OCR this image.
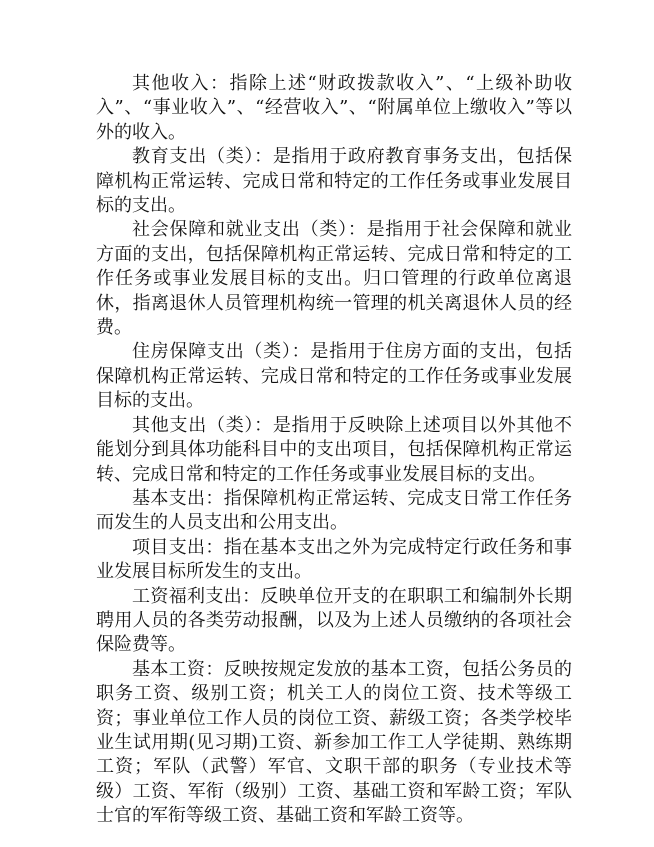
其他收入：指除上述“财政拨款收入”、“上级补助收入”、“事业收入”、“经营收入”、“附属单位上缴收入”等以外的收入。

教育支出（类）：是指用于政府教育事务支出，包括保障机构正常运转、完成日常和特定的工作任务或事业发展目标的支出。

社会保障和就业支出（类）：是指用于社会保障和就业方面的支出，包括保障机构正常运转、完成日常和特定的工作任务或事业发展目标的支出。归口管理的行政单位离退休，指离退休人员管理机构统一管理的机关离退休人员的经费。

住房保障支出（类）：是指用于住房方面的支出，包括保障机构正常运转、完成日常和特定的工作任务或事业发展目标的支出。

其他支出（类）：是指用于反映除上述项目以外其他不能划分到具体功能科目中的支出项目，包括保障机构正常运转、完成日常和特定的工作任务或事业发展目标的支出。

基本支出：指保障机构正常运转、完成支日常工作任务而发生的人员支出和公用支出。

项目支出：指在基本支出之外为完成特定行政任务和事业发展目标所发生的支出。

工资福利支出：反映单位开支的在职职工和编制外长期聘用人员的各类劳动报酬，以及为上述人员缴纳的各项社会保险费等。

基本工资：反映按规定发放的基本工资，包括公务员的职务工资、级别工资；机关工人的岗位工资、技术等级工资；事业单位工作人员的岗位工资、薪级工资；各类学校毕业生试用期(见习期)工资、新参加工作工人学徒期、熟练期工资；军队（武警）军官、文职干部的职务（专业技术等级）工资、军衔（级别）工资、基础工资和军龄工资；军队士官的军衔等级工资、基础工资和军龄工资等。
